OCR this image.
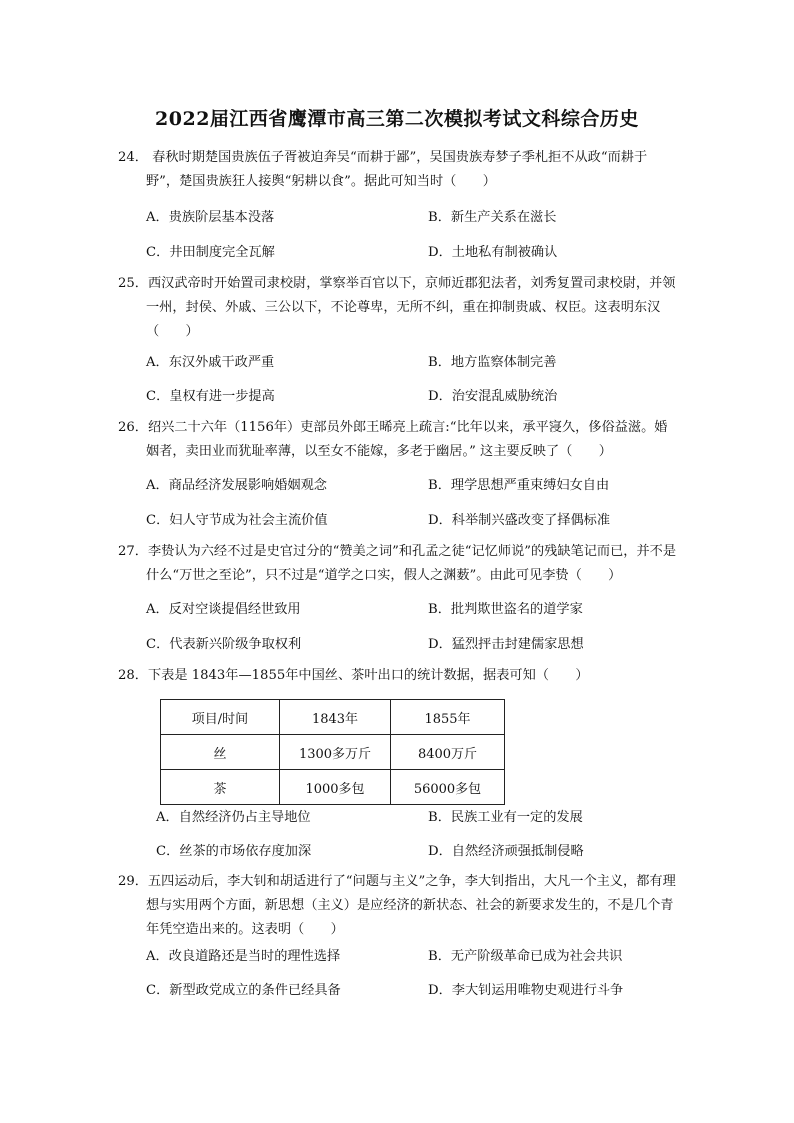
2022届江西省鹰潭市高三第二次模拟考试文科综合历史
24． 春秋时期楚国贵族伍子胥被迫奔吴“而耕于鄙”，吴国贵族寿梦子季札拒不从政“而耕于野”，楚国贵族狂人接舆“躬耕以食”。据此可知当时（　　）
A．贵族阶层基本没落	B．新生产关系在滋长
C．井田制度完全瓦解	D．土地私有制被确认
25．西汉武帝时开始置司隶校尉，掌察举百官以下，京师近郡犯法者，刘秀复置司隶校尉，并领一州，封侯、外戚、三公以下，不论尊卑，无所不纠，重在抑制贵戚、权臣。这表明东汉（　　）
A．东汉外戚干政严重	B．地方监察体制完善
C．皇权有进一步提高	D．治安混乱威胁统治
26．绍兴二十六年（1156年）吏部员外郎王晞亮上疏言:“比年以来，承平寖久，侈俗益滋。婚姻者，卖田业而犹耻率薄，以至女不能嫁，多老于幽居。” 这主要反映了（　　）
A．商品经济发展影响婚姻观念	B．理学思想严重束缚妇女自由
C．妇人守节成为社会主流价值	D．科举制兴盛改变了择偶标准
27．李贽认为六经不过是史官过分的“赞美之词”和孔孟之徒“记忆师说”的残缺笔记而已，并不是什么“万世之至论”，只不过是“道学之口实，假人之渊薮”。由此可见李贽（　　）
A．反对空谈提倡经世致用	B．批判欺世盗名的道学家
C．代表新兴阶级争取权利	D．猛烈抨击封建儒家思想
28．下表是 1843年—1855年中国丝、茶叶出口的统计数据，据表可知（　　）
项目/时间	1843年	1855年
丝	1300多万斤	8400万斤
茶	1000多包	56000多包
A．自然经济仍占主导地位	B．民族工业有一定的发展
C．丝茶的市场依存度加深	D．自然经济顽强抵制侵略
29．五四运动后，李大钊和胡适进行了“问题与主义”之争，李大钊指出，大凡一个主义，都有理想与实用两个方面，新思想（主义）是应经济的新状态、社会的新要求发生的，不是几个青年凭空造出来的。这表明（　　）
A．改良道路还是当时的理性选择	B．无产阶级革命已成为社会共识
C．新型政党成立的条件已经具备	D．李大钊运用唯物史观进行斗争
